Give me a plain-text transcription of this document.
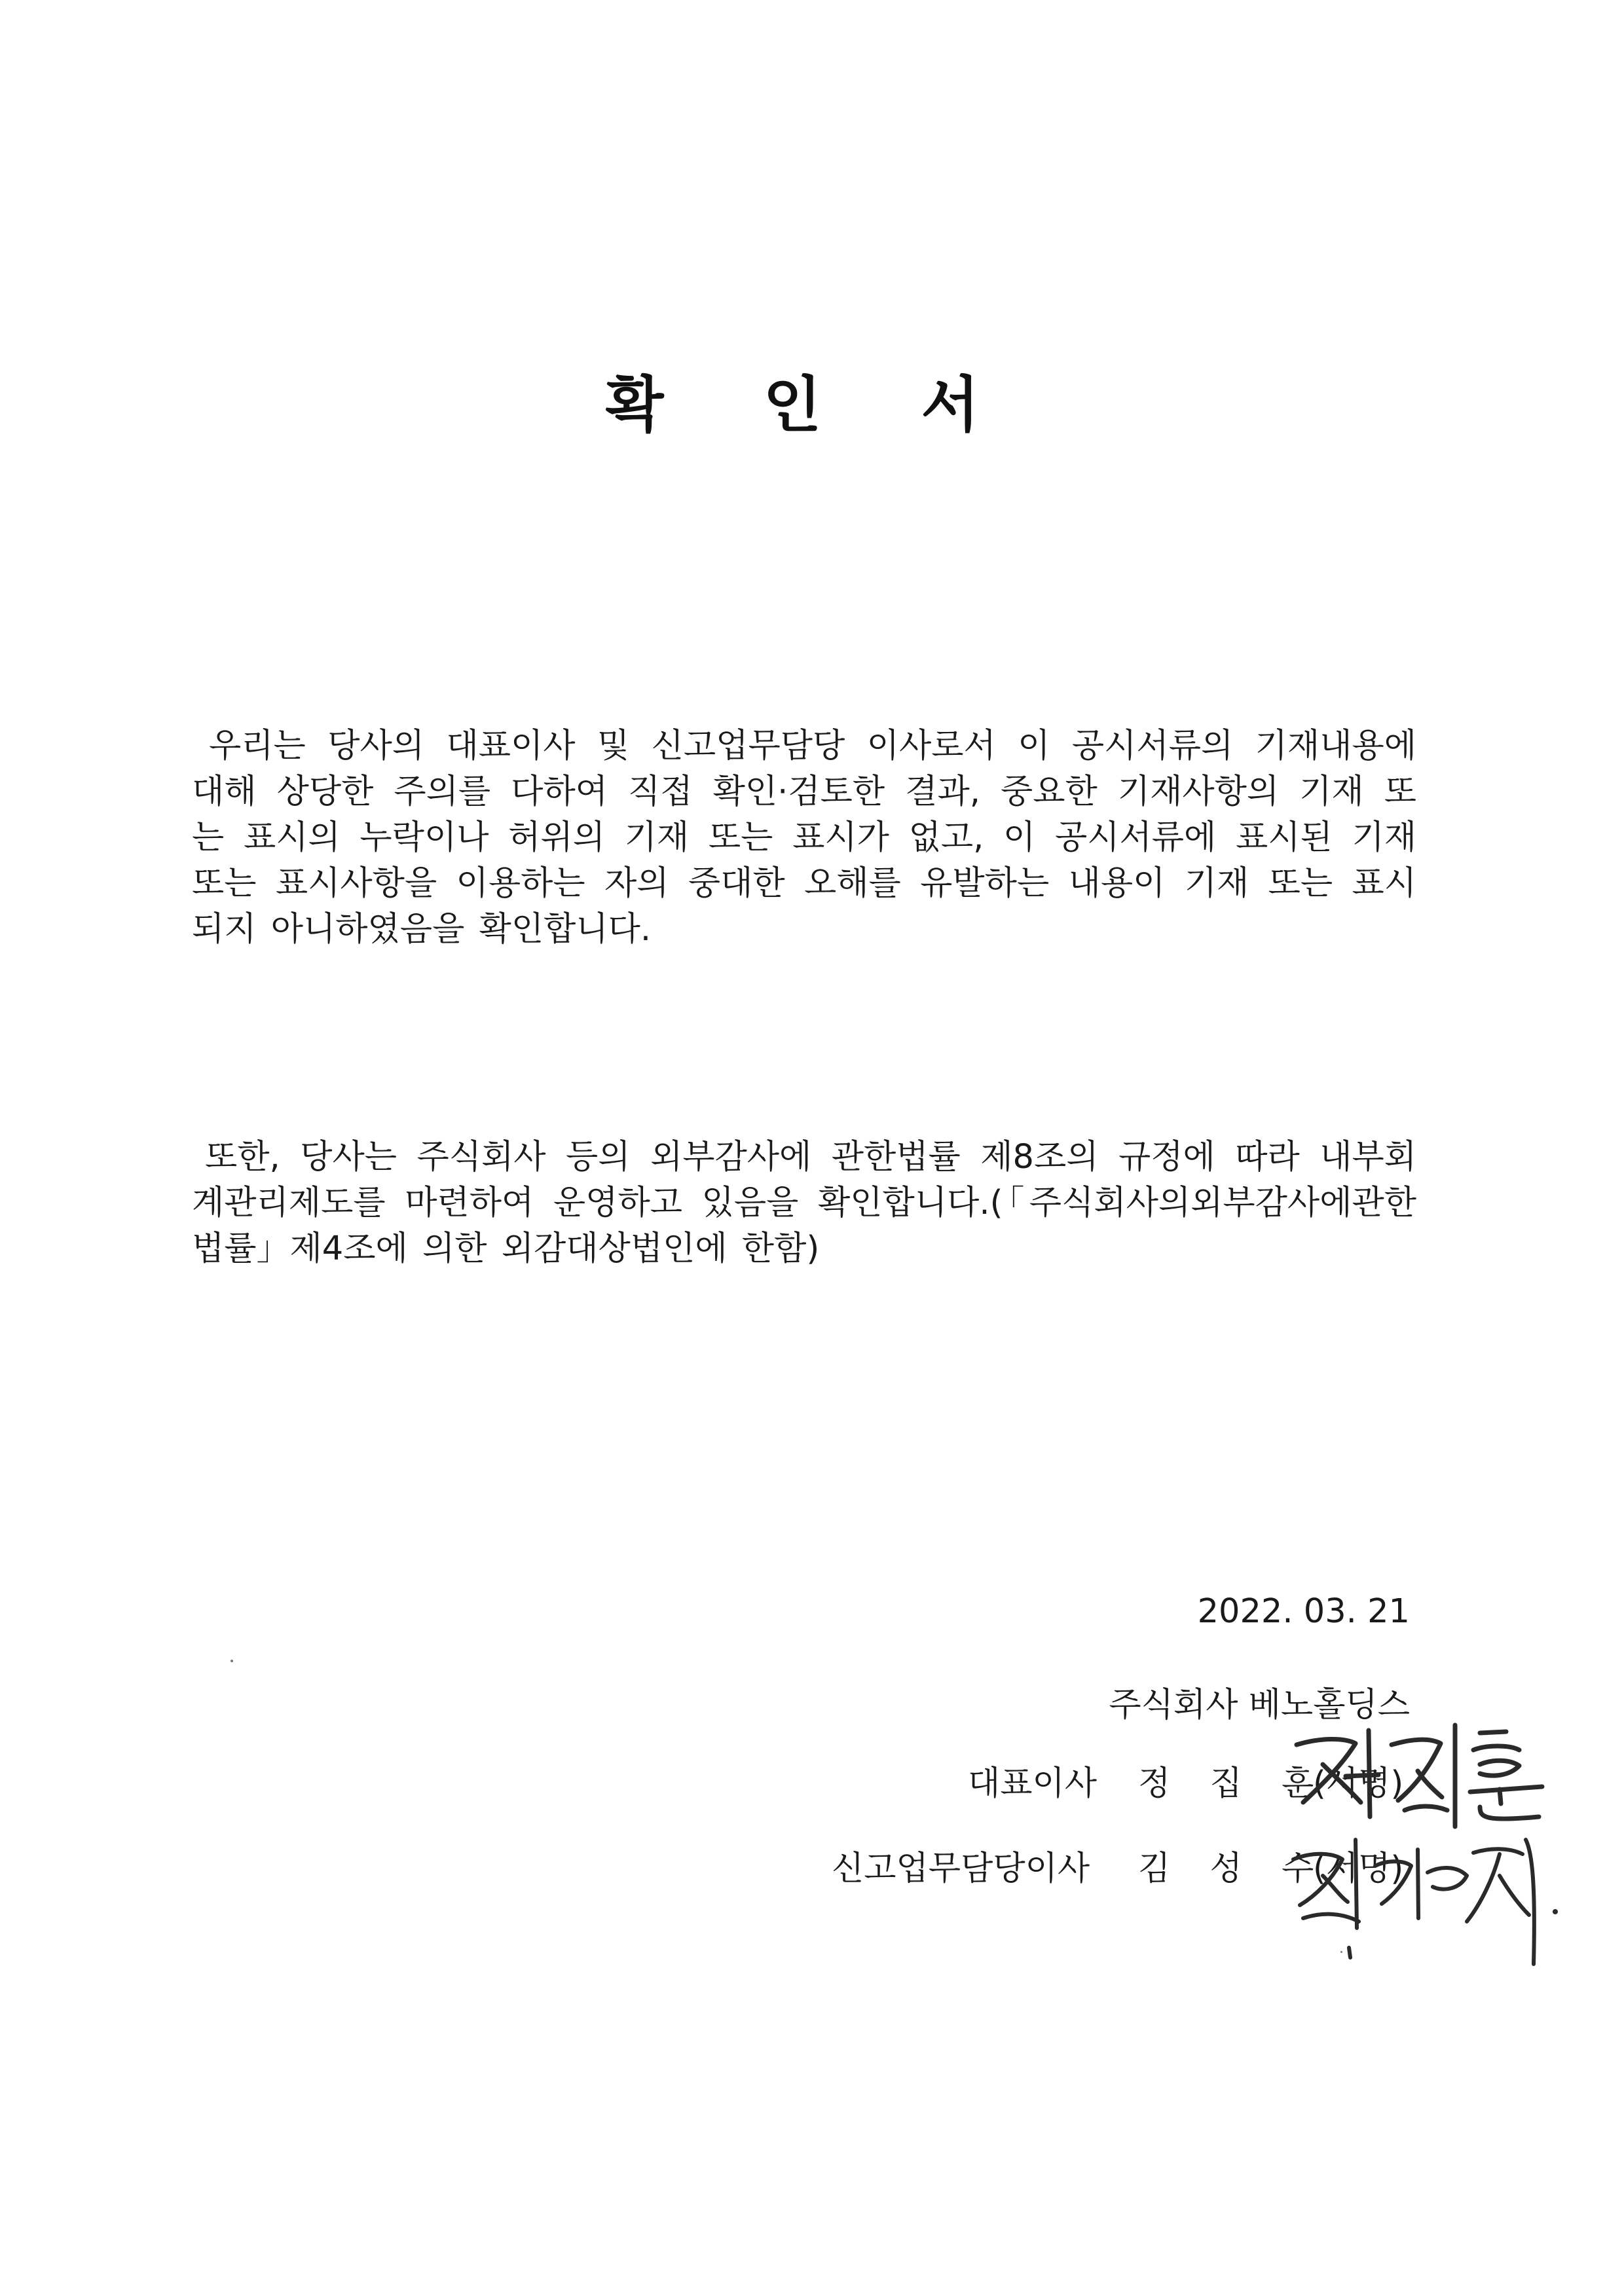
확 인 서
우리는 당사의 대표이사 및 신고업무담당 이사로서 이 공시서류의 기재내용에
대해 상당한 주의를 다하여 직접 확인·검토한 결과, 중요한 기재사항의 기재 또
는 표시의 누락이나 허위의 기재 또는 표시가 없고, 이 공시서류에 표시된 기재
또는 표시사항을 이용하는 자의 중대한 오해를 유발하는 내용이 기재 또는 표시
되지 아니하였음을 확인합니다.
또한, 당사는 주식회사 등의 외부감사에 관한법률 제8조의 규정에 따라 내부회
계관리제도를 마련하여 운영하고 있음을 확인합니다.(「주식회사의외부감사에관한
법률」제4조에 의한 외감대상법인에 한함)
2022. 03. 21
주식회사 베노홀딩스
대표이사 정 집 훈
(서명)
신고업무담당이사 김 성 수
(서명)
